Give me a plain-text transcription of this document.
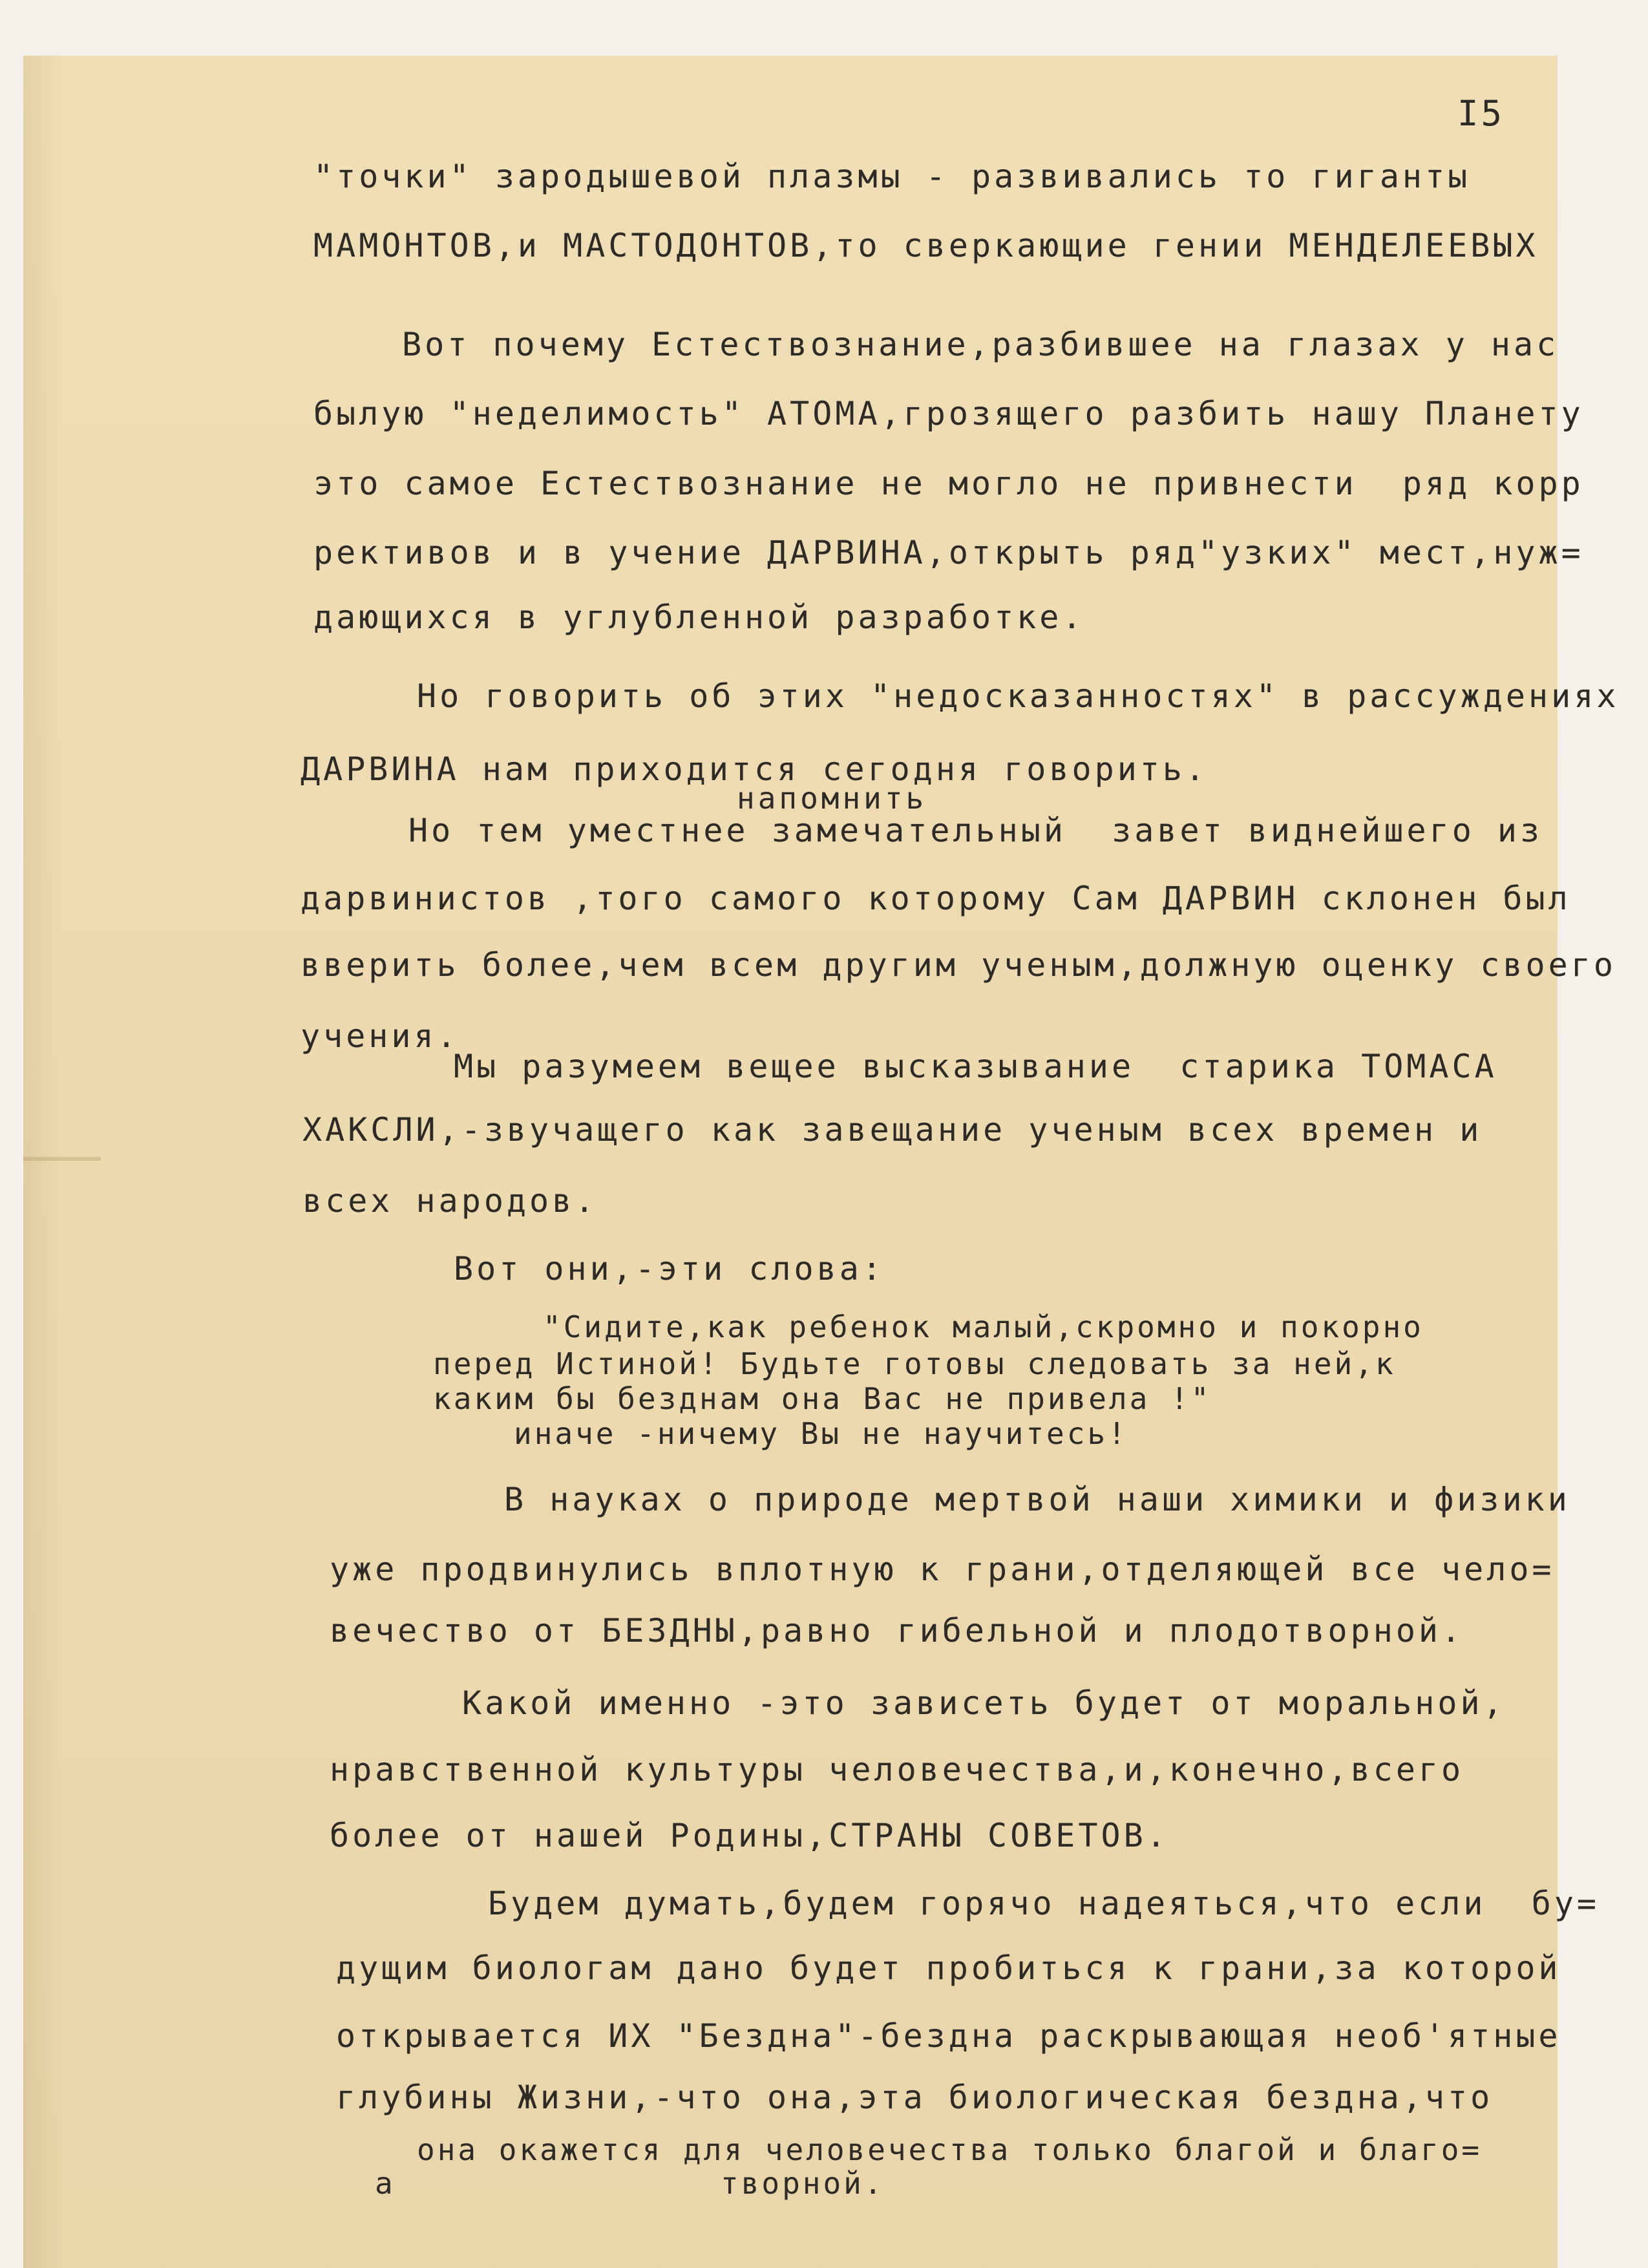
I5
"точки" зародышевой плазмы - развивались то гиганты
МАМОНТОВ,и МАСТОДОНТОВ,то сверкающие гении МЕНДЕЛЕЕВЫХ
Вот почему Естествознание,разбившее на глазах у нас
былую "неделимость" АТОМА,грозящего разбить нашу Планету
это самое Естествознание не могло не привнести  ряд корр
рективов и в учение ДАРВИНА,открыть ряд"узких" мест,нуж=
дающихся в углубленной разработке.
Но говорить об этих "недосказанностях" в рассуждениях
ДАРВИНА нам приходится сегодня говорить.
напомнить
Но тем уместнее замечательный  завет виднейшего из
дарвинистов ,того самого которому Сам ДАРВИН склонен был
вверить более,чем всем другим ученым,должную оценку своего
учения.
Мы разумеем вещее высказывание  старика ТОМАСА
ХАКСЛИ,-звучащего как завещание ученым всех времен и
всех народов.
Вот они,-эти слова:
"Сидите,как ребенок малый,скромно и покорно
перед Истиной! Будьте готовы следовать за ней,к
каким бы безднам она Вас не привела !"
иначе -ничему Вы не научитесь!
В науках о природе мертвой наши химики и физики
уже продвинулись вплотную к грани,отделяющей все чело=
вечество от БЕЗДНЫ,равно гибельной и плодотворной.
Какой именно -это зависеть будет от моральной,
нравственной культуры человечества,и,конечно,всего
более от нашей Родины,СТРАНЫ СОВЕТОВ.
Будем думать,будем горячо надеяться,что если  бу=
дущим биологам дано будет пробиться к грани,за которой
открывается ИХ "Бездна"-бездна раскрывающая необ'ятные
глубины Жизни,-что она,эта биологическая бездна,что
она окажется для человечества только благой и благо=
творной.
а
